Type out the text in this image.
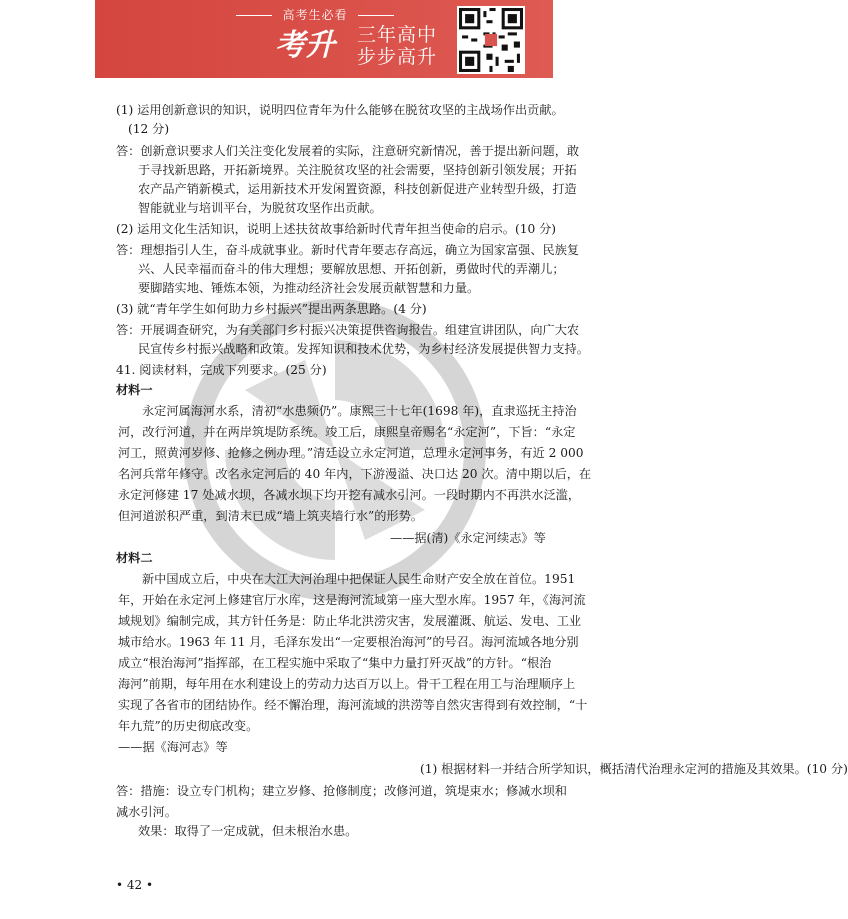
高考生必看
考升	三年高中
步步高升
(1) 运用创新意识的知识，说明四位青年为什么能够在脱贫攻坚的主战场作出贡献。
(12 分)
答：创新意识要求人们关注变化发展着的实际，注意研究新情况，善于提出新问题，敢
于寻找新思路，开拓新境界。关注脱贫攻坚的社会需要，坚持创新引领发展；开拓
农产品产销新模式，运用新技术开发闲置资源，科技创新促进产业转型升级，打造
智能就业与培训平台，为脱贫攻坚作出贡献。
(2) 运用文化生活知识，说明上述扶贫故事给新时代青年担当使命的启示。(10 分)
答：理想指引人生，奋斗成就事业。新时代青年要志存高远，确立为国家富强、民族复
兴、人民幸福而奋斗的伟大理想；要解放思想、开拓创新，勇做时代的弄潮儿；
要脚踏实地、锤炼本领，为推动经济社会发展贡献智慧和力量。
(3) 就“青年学生如何助力乡村振兴”提出两条思路。(4 分)
答：开展调查研究，为有关部门乡村振兴决策提供咨询报告。组建宣讲团队，向广大农
民宣传乡村振兴战略和政策。发挥知识和技术优势，为乡村经济发展提供智力支持。
41. 阅读材料，完成下列要求。(25 分)
材料一
永定河属海河水系，清初“水患频仍”。康熙三十七年(1698 年)，直隶巡抚主持治
河，改行河道，并在两岸筑堤防系统。竣工后，康熙皇帝赐名“永定河”，下旨：“永定
河工，照黄河岁修、抢修之例办理。”清廷设立永定河道，总理永定河事务，有近 2 000
名河兵常年修守。改名永定河后的 40 年内，下游漫溢、决口达 20 次。清中期以后，在
永定河修建 17 处减水坝，各减水坝下均开挖有减水引河。一段时期内不再洪水泛滥，
但河道淤积严重，到清末已成“墙上筑夹墙行水”的形势。
——据(清)《永定河续志》等
材料二
新中国成立后，中央在大江大河治理中把保证人民生命财产安全放在首位。1951
年，开始在永定河上修建官厅水库，这是海河流域第一座大型水库。1957 年，《海河流
域规划》编制完成，其方针任务是：防止华北洪涝灾害，发展灌溉、航运、发电、工业
城市给水。1963 年 11 月，毛泽东发出“一定要根治海河”的号召。海河流域各地分别
成立“根治海河”指挥部，在工程实施中采取了“集中力量打歼灭战”的方针。“根治
海河”前期，每年用在水利建设上的劳动力达百万以上。骨干工程在用工与治理顺序上
实现了各省市的团结协作。经不懈治理，海河流域的洪涝等自然灾害得到有效控制，“十
年九荒”的历史彻底改变。
——据《海河志》等
(1) 根据材料一并结合所学知识，概括清代治理永定河的措施及其效果。(10 分)
答：措施：设立专门机构；建立岁修、抢修制度；改修河道，筑堤束水；修减水坝和
减水引河。
效果：取得了一定成就，但未根治水患。
• 42 •
